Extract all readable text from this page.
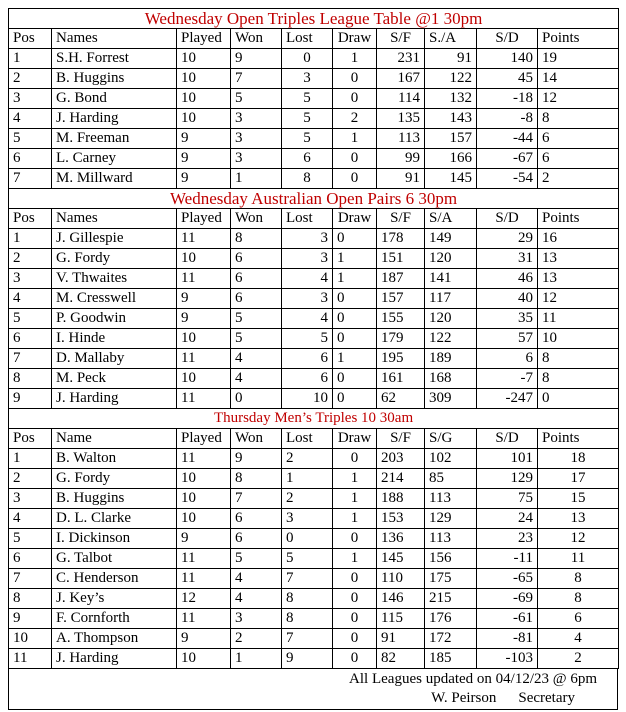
Wednesday Open Triples League Table @1 30pm									
Pos	Names	Played	Won	Lost	Draw	S/F	S./A	S/D	Points
1	S.H. Forrest	10	9	0	1	231	91	140	19
2	B. Huggins	10	7	3	0	167	122	45	14
3	G. Bond	10	5	5	0	114	132	-18	12
4	J. Harding	10	3	5	2	135	143	-8	8
5	M. Freeman	9	3	5	1	113	157	-44	6
6	L. Carney	9	3	6	0	99	166	-67	6
7	M. Millward	9	1	8	0	91	145	-54	2
Wednesday Australian Open Pairs 6 30pm									
Pos	Names	Played	Won	Lost	Draw	S/F	S/A	S/D	Points
1	J. Gillespie	11	8	3	0	178	149	29	16
2	G. Fordy	10	6	3	1	151	120	31	13
3	V. Thwaites	11	6	4	1	187	141	46	13
4	M. Cresswell	9	6	3	0	157	117	40	12
5	P. Goodwin	9	5	4	0	155	120	35	11
6	I. Hinde	10	5	5	0	179	122	57	10
7	D. Mallaby	11	4	6	1	195	189	6	8
8	M. Peck	10	4	6	0	161	168	-7	8
9	J. Harding	11	0	10	0	62	309	-247	0
Thursday Men’s Triples 10 30am									
Pos	Name	Played	Won	Lost	Draw	S/F	S/G	S/D	Points
1	B. Walton	11	9	2	0	203	102	101	18
2	G. Fordy	10	8	1	1	214	85	129	17
3	B. Huggins	10	7	2	1	188	113	75	15
4	D. L. Clarke	10	6	3	1	153	129	24	13
5	I. Dickinson	9	6	0	0	136	113	23	12
6	G. Talbot	11	5	5	1	145	156	-11	11
7	C. Henderson	11	4	7	0	110	175	-65	8
8	J. Key’s	12	4	8	0	146	215	-69	8
9	F. Cornforth	11	3	8	0	115	176	-61	6
10	A. Thompson	9	2	7	0	91	172	-81	4
11	J. Harding	10	1	9	0	82	185	-103	2
All Leagues updated on 04/12/23 @ 6pm
W. Peirson Secretary
